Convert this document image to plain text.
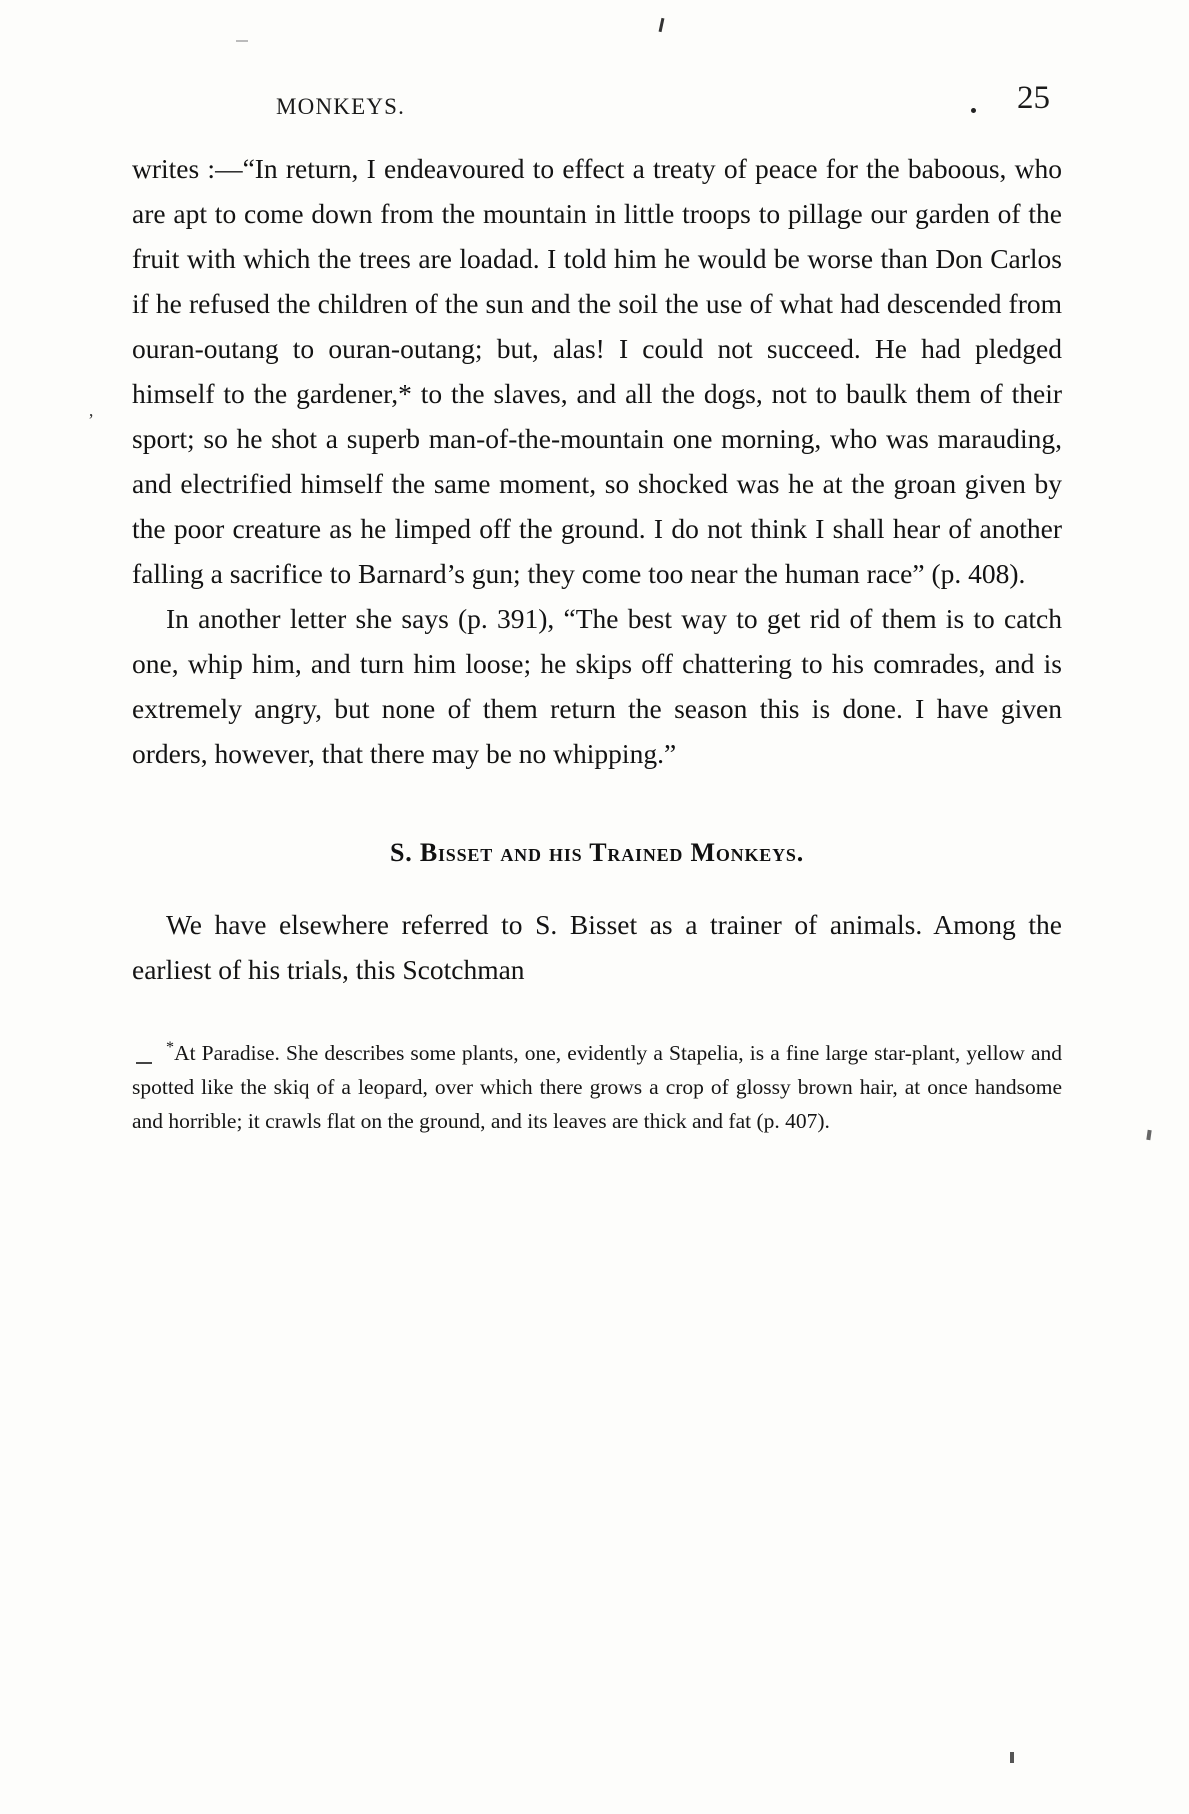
MONKEYS.	25

writes :—“In return, I endeavoured to effect a treaty of peace for the baboous, who are apt to come down from the mountain in little troops to pillage our garden of the fruit with which the trees are loadad. I told him he would be worse than Don Carlos if he refused the children of the sun and the soil the use of what had descended from ouran-outang to ouran-outang; but, alas! I could not succeed. He had pledged himself to the gardener,* to the slaves, and all the dogs, not to baulk them of their sport; so he shot a superb man-of-the-mountain one morning, who was marauding, and electrified himself the same moment, so shocked was he at the groan given by the poor creature as he limped off the ground. I do not think I shall hear of another falling a sacrifice to Barnard’s gun; they come too near the human race” (p. 408).

In another letter she says (p. 391), “The best way to get rid of them is to catch one, whip him, and turn him loose; he skips off chattering to his comrades, and is extremely angry, but none of them return the season this is done. I have given orders, however, that there may be no whipping.”

S. Bisset and his Trained Monkeys.

We have elsewhere referred to S. Bisset as a trainer of animals. Among the earliest of his trials, this Scotchman

*At Paradise. She describes some plants, one, evidently a Stapelia, is a fine large star-plant, yellow and spotted like the skiq of a leopard, over which there grows a crop of glossy brown hair, at once handsome and horrible; it crawls flat on the ground, and its leaves are thick and fat (p. 407).

’
